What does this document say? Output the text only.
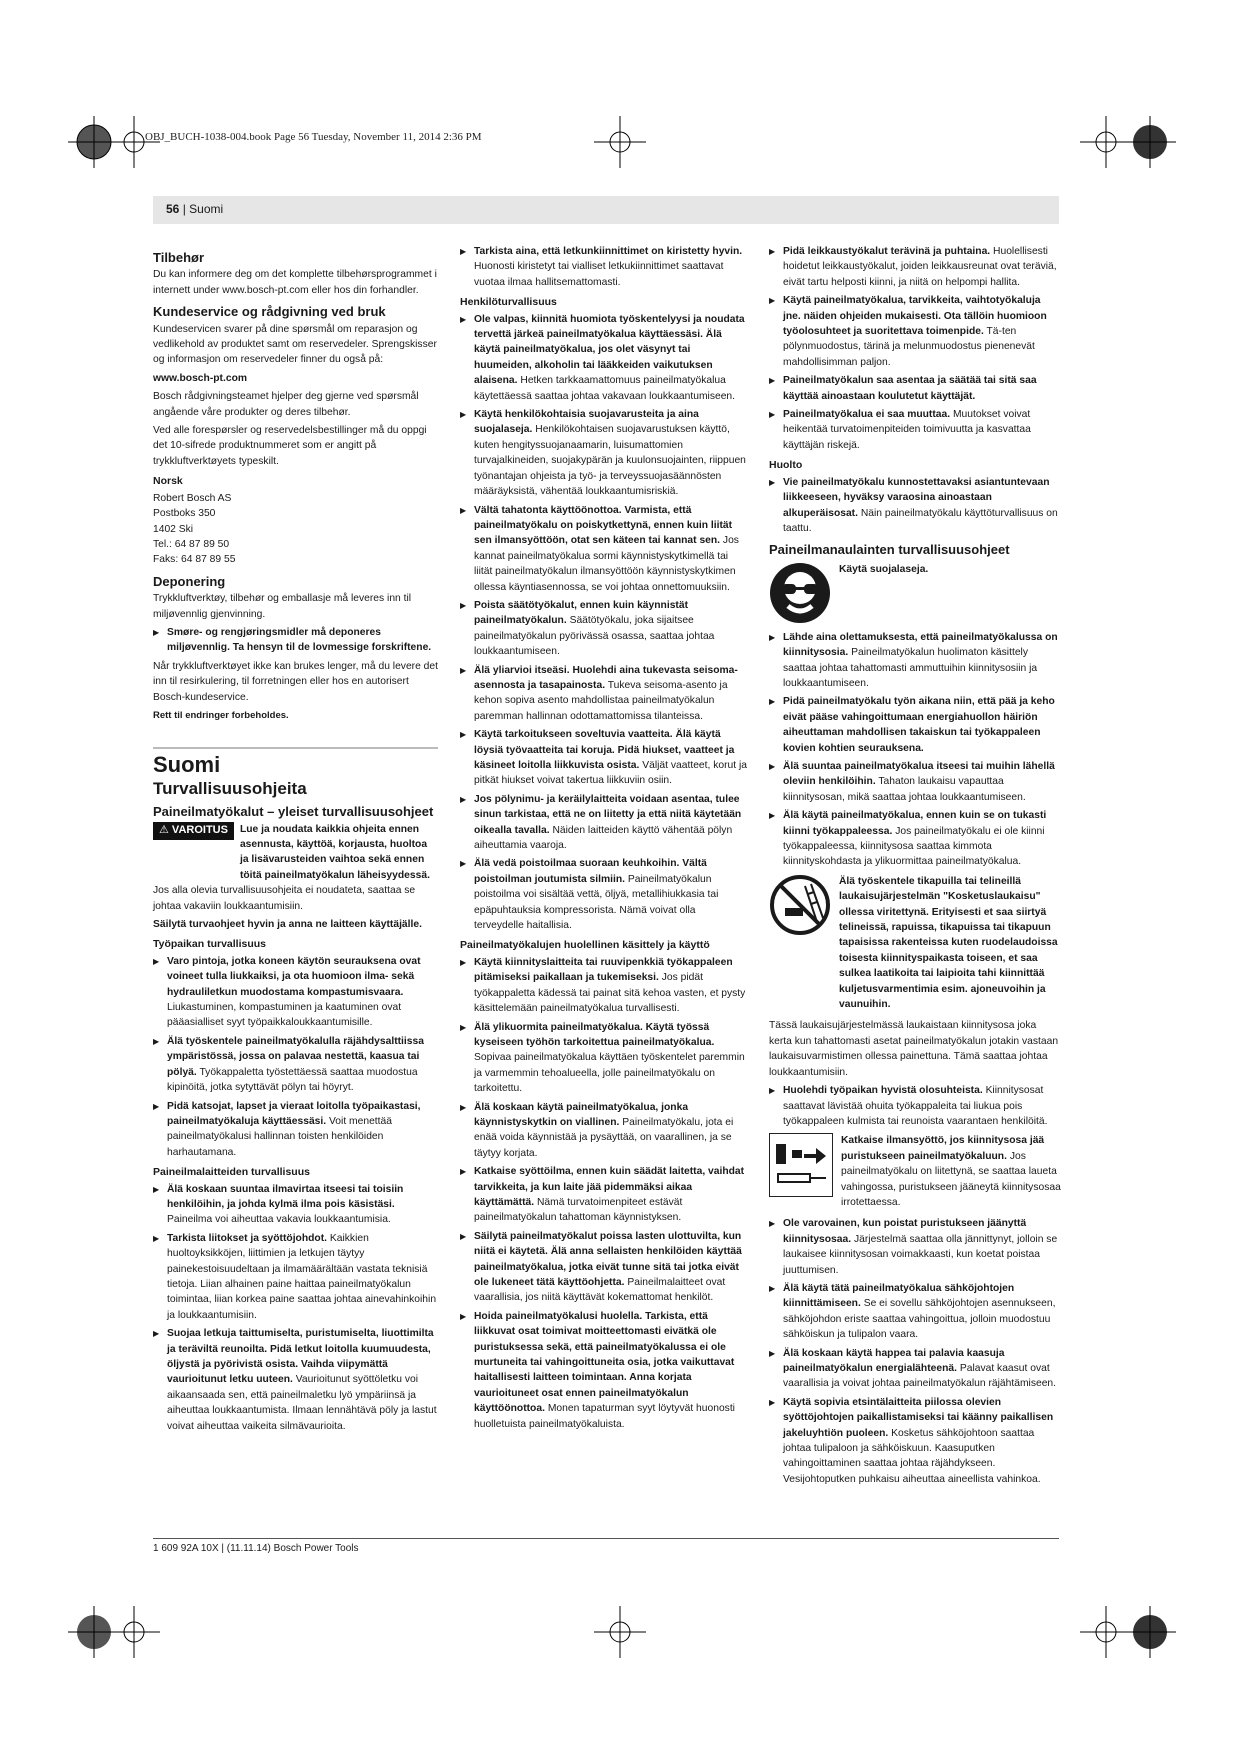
OBJ_BUCH-1038-004.book Page 56 Tuesday, November 11, 2014 2:36 PM
56 | Suomi
Tilbehør

Du kan informere deg om det komplette tilbehørsprogrammet i internett under www.bosch-pt.com eller hos din forhandler.

Kundeservice og rådgivning ved bruk

Kundeservicen svarer på dine spørsmål om reparasjon og vedlikehold av produktet samt om reservedeler. Sprengskisser og informasjon om reservedeler finner du også på:

www.bosch-pt.com

Bosch rådgivningsteamet hjelper deg gjerne ved spørsmål angående våre produkter og deres tilbehør.

Ved alle forespørsler og reservedelsbestillinger må du oppgi det 10-sifrede produktnummeret som er angitt på trykkluftverktøyets typeskilt.

Norsk
Robert Bosch AS
Postboks 350
1402 Ski
Tel.: 64 87 89 50
Faks: 64 87 89 55
Deponering

Trykkluftverktøy, tilbehør og emballasje må leveres inn til miljøvennlig gjenvinning.

▶ Smøre- og rengjøringsmidler må deponeres miljøvennlig. Ta hensyn til de lovmessige forskriftene.

Når trykkluftverktøyet ikke kan brukes lenger, må du levere det inn til resirkulering, til forretningen eller hos en autorisert Bosch-kundeservice.

Rett til endringer forbeholdes.

Suomi
Turvallisuusohjeita
Paineilmatyökalut – yleiset turvallisuusohjeet
⚠ VAROITUS	Lue ja noudata kaikkia ohjeita ennen asennusta, käyttöä, korjausta, huoltoa ja lisävarusteiden vaihtoa sekä ennen töitä paineilmatyökalun läheisyydessä.

Jos alla olevia turvallisuusohjeita ei noudateta, saattaa se johtaa vakaviin loukkaantumisiin.

Säilytä turvaohjeet hyvin ja anna ne laitteen käyttäjälle.

Työpaikan turvallisuus

▶ Varo pintoja, jotka koneen käytön seurauksena ovat voineet tulla liukkaiksi, ja ota huomioon ilma- sekä hydrauliletkun muodostama kompastumisvaara. Liukastuminen, kompastuminen ja kaatuminen ovat pääasialliset syyt työpaikkaloukkaantumisille.

▶ Älä työskentele paineilmatyökalulla räjähdysalttiissa ympäristössä, jossa on palavaa nestettä, kaasua tai pölyä. Työkappaletta työstettäessä saattaa muodostua kipinöitä, jotka sytyttävät pölyn tai höyryt.

▶ Pidä katsojat, lapset ja vieraat loitolla työpaikastasi, paineilmatyökaluja käyttäessäsi. Voit menettää paineilmatyökalusi hallinnan toisten henkilöiden harhautamana.

Paineilmalaitteiden turvallisuus

▶ Älä koskaan suuntaa ilmavirtaa itseesi tai toisiin henkilöihin, ja johda kylmä ilma pois käsistäsi. Paineilma voi aiheuttaa vakavia loukkaantumisia.

▶ Tarkista liitokset ja syöttöjohdot. Kaikkien huoltoyksikköjen, liittimien ja letkujen täytyy painekestoisuudeltaan ja ilmamäärältään vastata teknisiä tietoja. Liian alhainen paine haittaa paineilmatyökalun toimintaa, liian korkea paine saattaa johtaa ainevahinkoihin ja loukkaantumisiin.

▶ Suojaa letkuja taittumiselta, puristumiselta, liuottimilta ja teräviltä reunoilta. Pidä letkut loitolla kuumuudesta, öljystä ja pyörivistä osista. Vaihda viipymättä vaurioitunut letku uuteen. Vaurioitunut syöttöletku voi aikaansaada sen, että paineilmaletku lyö ympäriinsä ja aiheuttaa loukkaantumista. Ilmaan lennähtävä pöly ja lastut voivat aiheuttaa vaikeita silmävaurioita.

▶ Tarkista aina, että letkunkiinnittimet on kiristetty hyvin. Huonosti kiristetyt tai vialliset letkukiinnittimet saattavat vuotaa ilmaa hallitsemattomasti.

Henkilöturvallisuus

▶ Ole valpas, kiinnitä huomiota työskentelyysi ja noudata tervettä järkeä paineilmatyökalua käyttäessäsi. Älä käytä paineilmatyökalua, jos olet väsynyt tai huumeiden, alkoholin tai lääkkeiden vaikutuksen alaisena. Hetken tarkkaamattomuus paineilmatyökalua käytettäessä saattaa johtaa vakavaan loukkaantumiseen.

▶ Käytä henkilökohtaisia suojavarusteita ja aina suojalaseja. Henkilökohtaisen suojavarustuksen käyttö, kuten hengityssuojanaamarin, luisumattomien turvajalkineiden, suojakypärän ja kuulonsuojainten, riippuen työnantajan ohjeista ja työ- ja terveyssuojasäännösten määräyksistä, vähentää loukkaantumisriskiä.

▶ Vältä tahatonta käyttöönottoa. Varmista, että paineilmatyökalu on poiskytkettynä, ennen kuin liität sen ilmansyöttöön, otat sen käteen tai kannat sen. Jos kannat paineilmatyökalua sormi käynnistyskytkimellä tai liität paineilmatyökalun ilmansyöttöön käynnistyskytkimen ollessa käyntiasennossa, se voi johtaa onnettomuuksiin.

▶ Poista säätötyökalut, ennen kuin käynnistät paineilmatyökalun. Säätötyökalu, joka sijaitsee paineilmatyökalun pyörivässä osassa, saattaa johtaa loukkaantumiseen.

▶ Älä yliarvioi itseäsi. Huolehdi aina tukevasta seisoma-asennosta ja tasapainosta. Tukeva seisoma-asento ja kehon sopiva asento mahdollistaa paineilmatyökalun paremman hallinnan odottamattomissa tilanteissa.

▶ Käytä tarkoitukseen soveltuvia vaatteita. Älä käytä löysiä työvaatteita tai koruja. Pidä hiukset, vaatteet ja käsineet loitolla liikkuvista osista. Väljät vaatteet, korut ja pitkät hiukset voivat takertua liikkuviin osiin.

▶ Jos pölynimu- ja keräilylaitteita voidaan asentaa, tulee sinun tarkistaa, että ne on liitetty ja että niitä käytetään oikealla tavalla. Näiden laitteiden käyttö vähentää pölyn aiheuttamia vaaroja.

▶ Älä vedä poistoilmaa suoraan keuhkoihin. Vältä poistoilman joutumista silmiin. Paineilmatyökalun poistoilma voi sisältää vettä, öljyä, metallihiukkasia tai epäpuhtauksia kompressorista. Nämä voivat olla terveydelle haitallisia.

Paineilmatyökalujen huolellinen käsittely ja käyttö

▶ Käytä kiinnityslaitteita tai ruuvipenkkiä työkappaleen pitämiseksi paikallaan ja tukemiseksi. Jos pidät työkappaletta kädessä tai painat sitä kehoa vasten, et pysty käsittelemään paineilmatyökalua turvallisesti.

▶ Älä ylikuormita paineilmatyökalua. Käytä työssä kyseiseen työhön tarkoitettua paineilmatyökalua. Sopivaa paineilmatyökalua käyttäen työskentelet paremmin ja varmemmin tehoalueella, jolle paineilmatyökalu on tarkoitettu.

▶ Älä koskaan käytä paineilmatyökalua, jonka käynnistyskytkin on viallinen. Paineilmatyökalu, jota ei enää voida käynnistää ja pysäyttää, on vaarallinen, ja se täytyy korjata.

▶ Katkaise syöttöilma, ennen kuin säädät laitetta, vaihdat tarvikkeita, ja kun laite jää pidemmäksi aikaa käyttämättä. Nämä turvatoimenpiteet estävät paineilmatyökalun tahattoman käynnistyksen.

▶ Säilytä paineilmatyökalut poissa lasten ulottuvilta, kun niitä ei käytetä. Älä anna sellaisten henkilöiden käyttää paineilmatyökalua, jotka eivät tunne sitä tai jotka eivät ole lukeneet tätä käyttöohjetta. Paineilmalaitteet ovat vaarallisia, jos niitä käyttävät kokemattomat henkilöt.

▶ Hoida paineilmatyökalusi huolella. Tarkista, että liikkuvat osat toimivat moitteettomasti eivätkä ole puristuksessa sekä, että paineilmatyökalussa ei ole murtuneita tai vahingoittuneita osia, jotka vaikuttavat haitallisesti laitteen toimintaan. Anna korjata vaurioituneet osat ennen paineilmatyökalun käyttöönottoa. Monen tapaturman syyt löytyvät huonosti huolletuista paineilmatyökaluista.

▶ Pidä leikkaustyökalut terävinä ja puhtaina. Huolellisesti hoidetut leikkaustyökalut, joiden leikkausreunat ovat teräviä, eivät tartu helposti kiinni, ja niitä on helpompi hallita.

▶ Käytä paineilmatyökalua, tarvikkeita, vaihtotyökaluja jne. näiden ohjeiden mukaisesti. Ota tällöin huomioon työolosuhteet ja suoritettava toimenpide. Tä-ten pölynmuodostus, tärinä ja melunmuodostus pienenevät mahdollisimman paljon.

▶ Paineilmatyökalun saa asentaa ja säätää tai sitä saa käyttää ainoastaan koulutetut käyttäjät.

▶ Paineilmatyökalua ei saa muuttaa. Muutokset voivat heikentää turvatoimenpiteiden toimivuutta ja kasvattaa käyttäjän riskejä.

Huolto

▶ Vie paineilmatyökalu kunnostettavaksi asiantuntevaan liikkeeseen, hyväksy varaosina ainoastaan alkuperäisosat. Näin paineilmatyökalu käyttöturvallisuus on taattu.

Paineilmanaulainten turvallisuusohjeet
Käytä suojalaseja.

▶ Lähde aina olettamuksesta, että paineilmatyökalussa on kiinnitysosia. Paineilmatyökalun huolimaton käsittely saattaa johtaa tahattomasti ammuttuihin kiinnitysosiin ja loukkaantumiseen.

▶ Pidä paineilmatyökalu työn aikana niin, että pää ja keho eivät pääse vahingoittumaan energiahuollon häiriön aiheuttaman mahdollisen takaiskun tai työkappaleen kovien kohtien seurauksena.

▶ Älä suuntaa paineilmatyökalua itseesi tai muihin lähellä oleviin henkilöihin. Tahaton laukaisu vapauttaa kiinnitysosan, mikä saattaa johtaa loukkaantumiseen.

▶ Älä käytä paineilmatyökalua, ennen kuin se on tukasti kiinni työkappaleessa. Jos paineilmatyökalu ei ole kiinni työkappaleessa, kiinnitysosa saattaa kimmota kiinnityskohdasta ja ylikuormittaa paineilmatyökalua.

Älä työskentele tikapuilla tai telineillä laukaisujärjestelmän "Kosketuslaukaisu" ollessa viritettynä. Erityisesti et saa siirtyä telineissä, rapuissa, tikapuissa tai tikapuun tapaisissa rakenteissa kuten ruodelaudoissa toisesta kiinnityspaikasta toiseen, et saa sulkea laatikoita tai laipioita tahi kiinnittää kuljetusvarmentimia esim. ajoneuvoihin ja vaunuihin.

Tässä laukaisujärjestelmässä laukaistaan kiinnitysosa joka kerta kun tahattomasti asetat paineilmatyökalun jotakin vastaan laukaisuvarmistimen ollessa painettuna. Tämä saattaa johtaa loukkaantumisiin.

▶ Huolehdi työpaikan hyvistä olosuhteista. Kiinnitysosat saattavat lävistää ohuita työkappaleita tai liukua pois työkappaleen kulmista tai reunoista vaarantaen henkilöitä.

Katkaise ilmansyöttö, jos kiinnitysosa jää puristukseen paineilmatyökaluun. Jos paineilmatyökalu on liitettynä, se saattaa laueta vahingossa, puristukseen jääneytä kiinnitysosaa irrotettaessa.

▶ Ole varovainen, kun poistat puristukseen jäänyttä kiinnitysosaa. Järjestelmä saattaa olla jännittynyt, jolloin se laukaisee kiinnitysosan voimakkaasti, kun koetat poistaa juuttumisen.

▶ Älä käytä tätä paineilmatyökalua sähköjohtojen kiinnittämiseen. Se ei sovellu sähköjohtojen asennukseen, sähköjohdon eriste saattaa vahingoittua, jolloin muodostuu sähköiskun ja tulipalon vaara.

▶ Älä koskaan käytä happea tai palavia kaasuja paineilmatyökalun energialähteenä. Palavat kaasut ovat vaarallisia ja voivat johtaa paineilmatyökalun räjähtämiseen.

▶ Käytä sopivia etsintälaitteita piilossa olevien syöttöjohtojen paikallistamiseksi tai käänny paikallisen jakeluyhtiön puoleen. Kosketus sähköjohtoon saattaa johtaa tulipaloon ja sähköiskuun. Kaasuputken vahingoittaminen saattaa johtaa räjähdykseen. Vesijohtoputken puhkaisu aiheuttaa aineellista vahinkoa.

1 609 92A 10X | (11.11.14) Bosch Power Tools
